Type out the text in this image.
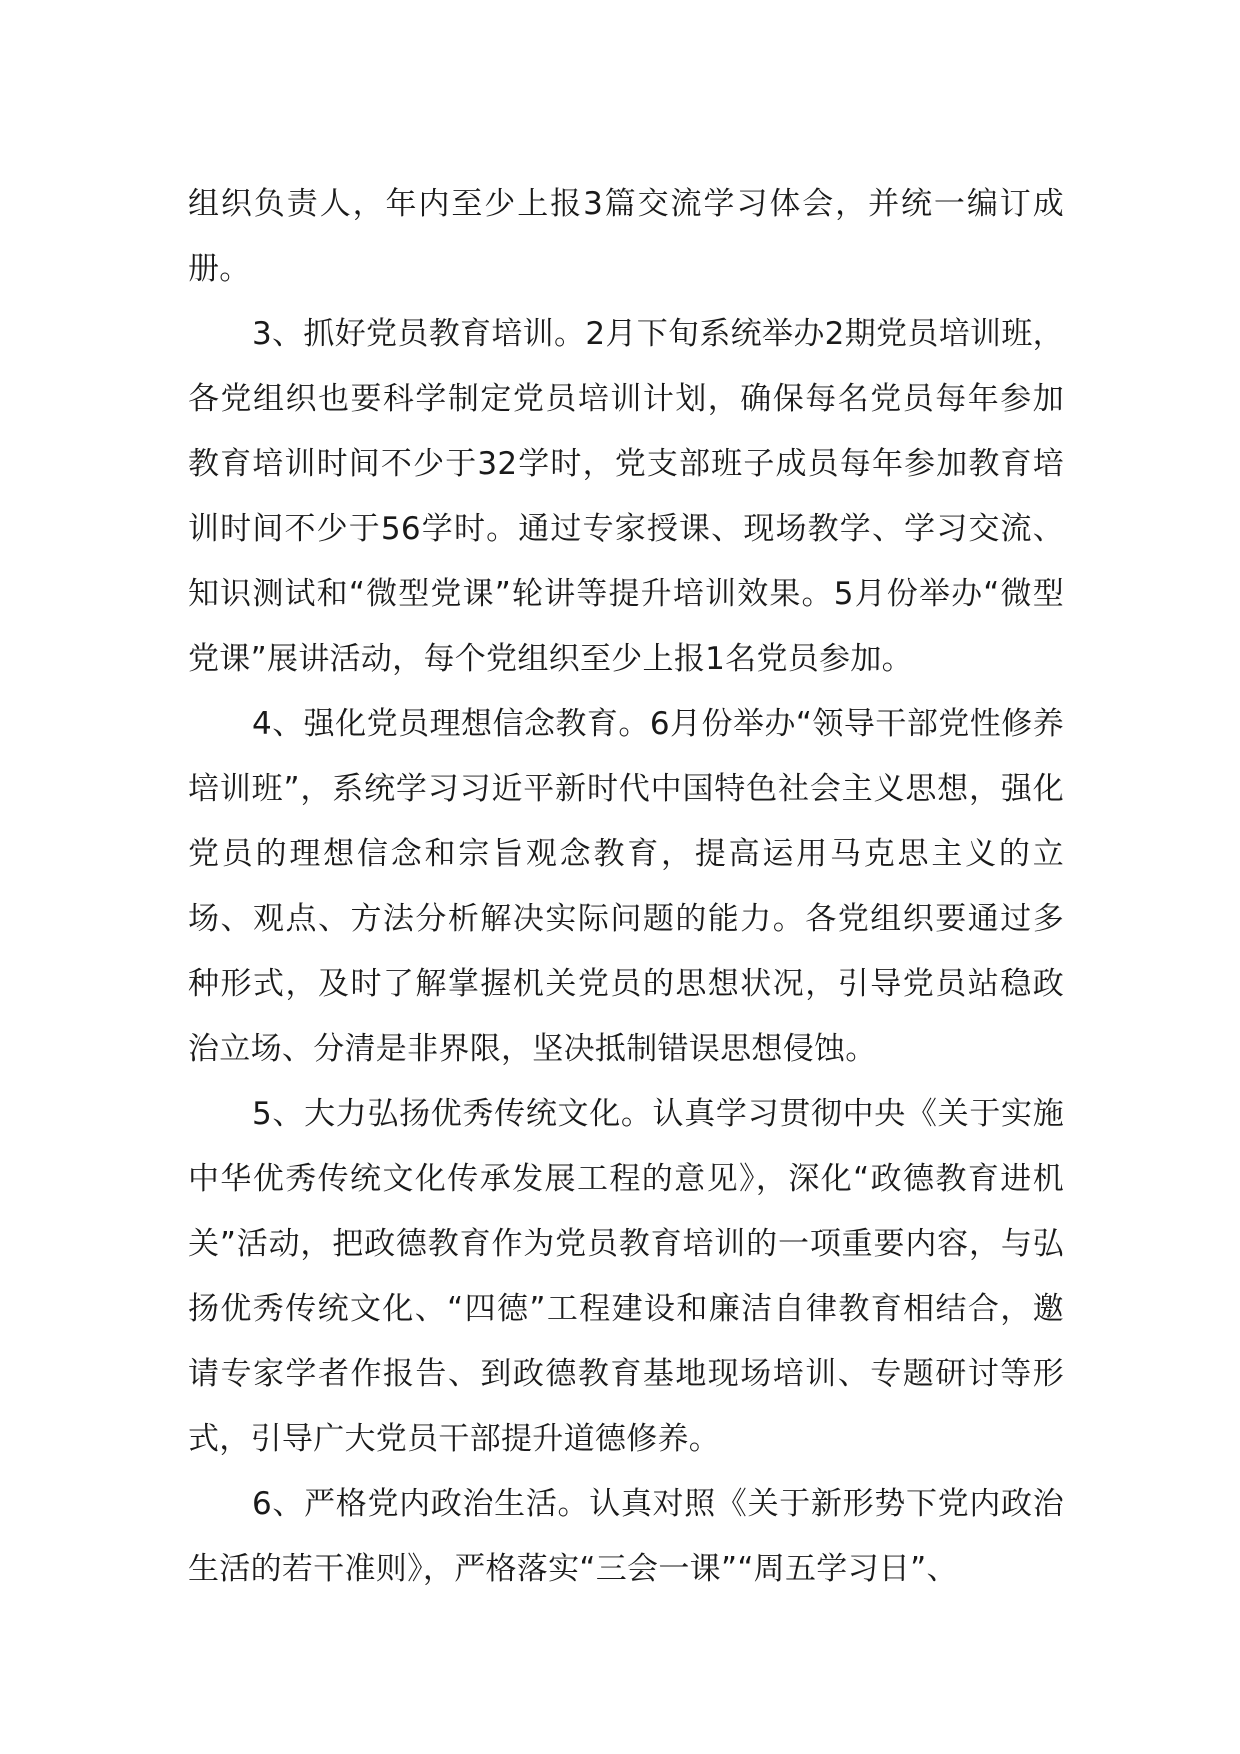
组织负责人，年内至少上报3篇交流学习体会，并统一编订成册。

3、抓好党员教育培训。2月下旬系统举办2期党员培训班，各党组织也要科学制定党员培训计划，确保每名党员每年参加教育培训时间不少于32学时，党支部班子成员每年参加教育培训时间不少于56学时。通过专家授课、现场教学、学习交流、知识测试和“微型党课”轮讲等提升培训效果。5月份举办“微型党课”展讲活动，每个党组织至少上报1名党员参加。

4、强化党员理想信念教育。6月份举办“领导干部党性修养培训班”，系统学习习近平新时代中国特色社会主义思想，强化党员的理想信念和宗旨观念教育，提高运用马克思主义的立场、观点、方法分析解决实际问题的能力。各党组织要通过多种形式，及时了解掌握机关党员的思想状况，引导党员站稳政治立场、分清是非界限，坚决抵制错误思想侵蚀。

5、大力弘扬优秀传统文化。认真学习贯彻中央《关于实施中华优秀传统文化传承发展工程的意见》，深化“政德教育进机关”活动，把政德教育作为党员教育培训的一项重要内容，与弘扬优秀传统文化、“四德”工程建设和廉洁自律教育相结合，邀请专家学者作报告、到政德教育基地现场培训、专题研讨等形式，引导广大党员干部提升道德修养。

6、严格党内政治生活。认真对照《关于新形势下党内政治生活的若干准则》，严格落实“三会一课”“周五学习日”、
